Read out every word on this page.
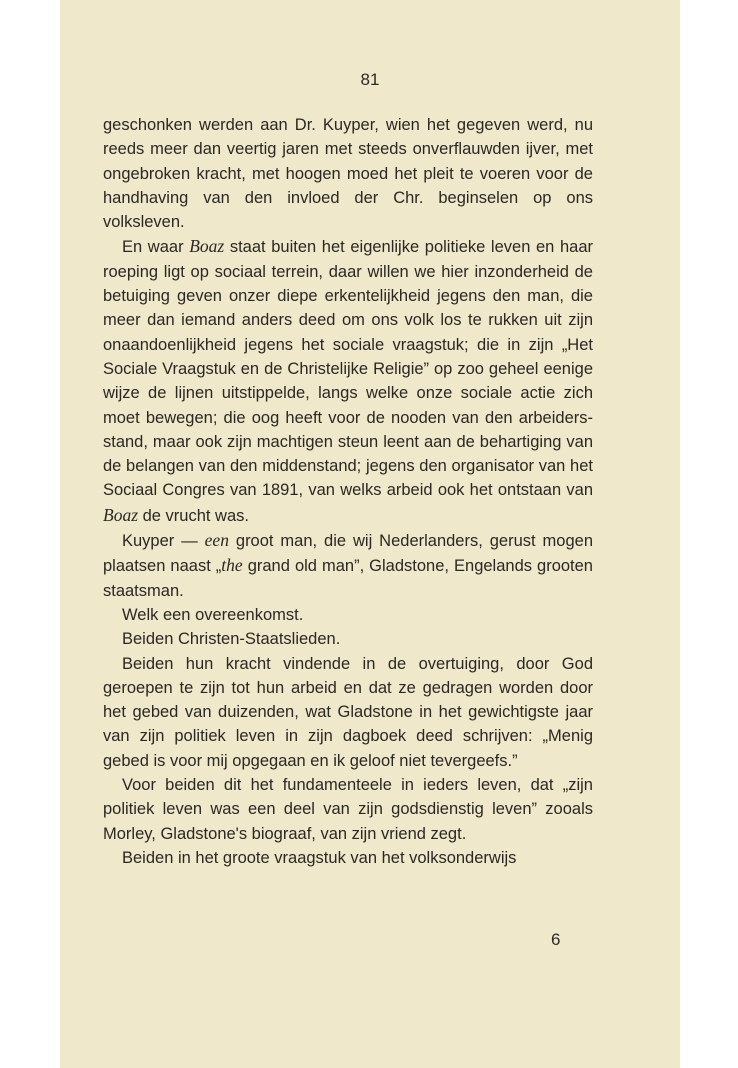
81

geschonken werden aan Dr. Kuyper, wien het gegeven werd, nu reeds meer dan veertig jaren met steeds onverflauwden ijver, met ongebroken kracht, met hoogen moed het pleit te voeren voor de handhaving van den invloed der Chr. beginselen op ons volksleven.

En waar Boaz staat buiten het eigenlijke politieke leven en haar roeping ligt op sociaal terrein, daar willen we hier inzonderheid de betuiging geven onzer diepe erkentelijkheid jegens den man, die meer dan iemand anders deed om ons volk los te rukken uit zijn onaandoenlijkheid jegens het sociale vraagstuk; die in zijn „Het Sociale Vraagstuk en de Christelijke Religie” op zoo geheel eenige wijze de lijnen uitstippelde, langs welke onze sociale actie zich moet bewegen; die oog heeft voor de nooden van den arbeidersstand, maar ook zijn machtigen steun leent aan de behartiging van de belangen van den middenstand; jegens den organisator van het Sociaal Congres van 1891, van welks arbeid ook het ontstaan van Boaz de vrucht was.

Kuyper — een groot man, die wij Nederlanders, gerust mogen plaatsen naast „the grand old man”, Gladstone, Engelands grooten staatsman.

Welk een overeenkomst.

Beiden Christen-Staatslieden.

Beiden hun kracht vindende in de overtuiging, door God geroepen te zijn tot hun arbeid en dat ze gedragen worden door het gebed van duizenden, wat Gladstone in het gewichtigste jaar van zijn politiek leven in zijn dagboek deed schrijven: „Menig gebed is voor mij opgegaan en ik geloof niet tevergeefs.”

Voor beiden dit het fundamenteele in ieders leven, dat „zijn politiek leven was een deel van zijn godsdienstig leven” zooals Morley, Gladstone's biograaf, van zijn vriend zegt.

Beiden in het groote vraagstuk van het volksonderwijs

6
